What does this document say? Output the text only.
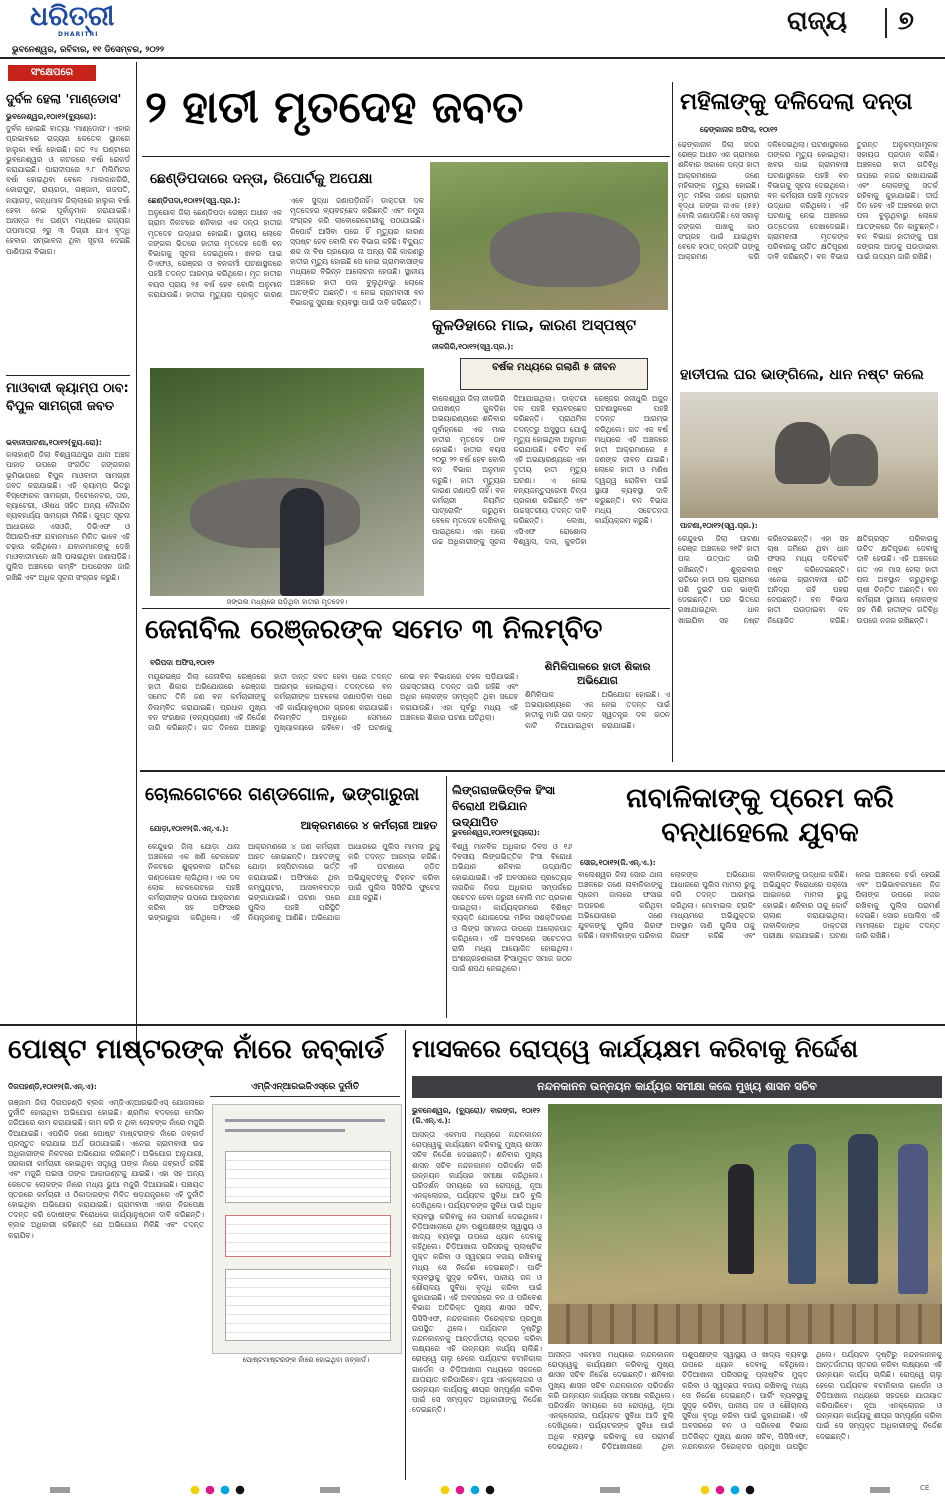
ଧରିତ୍ରୀ
DHARITRI	ରାଜ୍ୟ ୭
ଭୁବନେଶ୍ୱର, ରବିବାର, ୧୧ ଡିସେମ୍ବର, ୨୦୨୨
ସଂକ୍ଷେପରେ
ଦୁର୍ବଳ ହେଲା 'ମାଣ୍ଡୋସ'
ଭୁବନେଶ୍ୱର,୧୦ା୧୨(ବ୍ୟୁରୋ):
ଦୁର୍ବଳ ହୋଇଛି ବାତ୍ୟା 'ମାଣ୍ଡୋସ'। ଏହାର ପ୍ରଭାବରେ ରାଜ୍ୟର କେତେକ ସ୍ଥାନରେ ହାଲୁକା ବର୍ଷା ହୋଇଛି। ଗତ ୨୪ ଘଣ୍ଟାରେ ଭୁବନେଶ୍ୱର ଓ କଟକରେ ବର୍ଷା ରେକର୍ଡ କରାଯାଇଛି। ପାରାଦୀପରେ ୨.୮ ମିଲିମିଟର ବର୍ଷା ହୋଇଥିବା ବେଳେ ମାଲକାନଗିରି, କୋରାପୁଟ, ରାୟଗଡ଼ା, ଗଞ୍ଜାମ, ଗଜପତି, ନୟାଗଡ଼, କନ୍ଧମାଳ ଜିଲ୍ଲାରେ ହାଲୁକା ବର୍ଷା ହେବା ନେଇ ପୂର୍ବାନୁମାନ କରାଯାଇଛି। ଆସନ୍ତା ୨୪ ଘଣ୍ଟା ମଧ୍ୟରେ ରାଜ୍ୟର ତାପମାତ୍ରା ୨ରୁ ୩ ଡିଗ୍ରୀ ଯାଏ ବୃଦ୍ଧି ହେବାର ସମ୍ଭାବନା ଥିବା ସୂଚନା ଦେଇଛି ପାଣିପାଗ ବିଭାଗ।
ମାଓବାଦୀ କ୍ୟାମ୍ପ ଠାବ: ବିପୁଳ ସାମଗ୍ରୀ ଜବତ
ଭବାନୀପାଟଣା,୧୦ା୧୨(ବ୍ୟୁ.ରୋ):
କଳାହାଣ୍ଡି ଜିଲା ବିଶ୍ୱନାଥପୁର ଥାନା ଅଞ୍ଚଳ ପାହାଡ଼ ଉପରେ ସଂଗଠିତ ଜଙ୍ଗଲର ଭୂମିଭାଗରେ ବିପୁଳ ମାଓବାଦୀ ସାମଗ୍ରୀ ଜବତ କରାଯାଇଛି। ଏହି କ୍ୟାମ୍ପ ଭିତରୁ ବିସ୍ଫୋରକ ସାମଗ୍ରୀ, ଡିଟୋନେଟର, ତାର, ବ୍ୟାଟେରୀ, ଔଷଧ ସହିତ ଅନ୍ୟ ଦୈନନ୍ଦିନ ବ୍ୟବହାର୍ଯ୍ୟ ସାମଗ୍ରୀ ମିଳିଛି। ଗୁପ୍ତ ସୂଚନା ଆଧାରରେ ଏସଓଜି, ଡିଭିଏଫ ଓ ସିଆରପିଏଫ ଯବାନମାନେ ମିଳିତ ଭାବେ ଏହି ଚଢ଼ାଉ କରିଥିଲେ। ଯବାନମାନଙ୍କୁ ଦେଖି ମାଓବାଦୀମାନେ ଖସି ପଳାଇଥିବା ଜଣାପଡ଼ିଛି। ପୁଲିସ ଅଞ୍ଚଳରେ କମ୍ବିଂ ଅପରେସନ ଜାରି ରଖିଛି ଏବଂ ଅଧିକ ସୂଚନା ସଂଗ୍ରହ କରୁଛି।
୨ ହାତୀ ମୃତଦେହ ଜବତ
ଛେଣ୍ଡିପଦାରେ ଦନ୍ତା, ରିପୋର୍ଟକୁ ଅପେକ୍ଷା
ଛେଣ୍ଡିପଦା,୧୦ା୧୨(ସ୍ୱ.ପ୍ର.):
ଅନୁଗୋଳ ଜିଲା ଛେଣ୍ଡିପଦା ରେଞ୍ଜ ଅଧୀନ ଏକ ଗ୍ରାମ ନିକଟରେ ଶନିବାର ଏକ ଦନ୍ତା ହାତୀର ମୃତଦେହ ଉଦ୍ଧାର ହୋଇଛି। ସ୍ଥାନୀୟ ଲୋକେ ଜଙ୍ଗଲ ଭିତରେ ହାତୀର ମୃତଦେହ ଦେଖି ବନ ବିଭାଗକୁ ସୂଚନା ଦେଇଥିଲେ। ଖବର ପାଇ ଡିଏଫଓ, ରେଞ୍ଜର ଓ ବନକର୍ମୀ ଘଟଣାସ୍ଥଳରେ ପହଞ୍ଚି ତଦନ୍ତ ଆରମ୍ଭ କରିଥିଲେ। ମୃତ ହାତୀର ବୟସ ପ୍ରାୟ ୨୫ ବର୍ଷ ହେବ ବୋଲି ଅନୁମାନ କରାଯାଉଛି। ହାତୀର ମୃତ୍ୟୁର ପ୍ରକୃତ କାରଣ ଏବେ ସୁଦ୍ଧା ଜଣାପଡ଼ିନାହିଁ। ଡାକ୍ତରୀ ଦଳ ମୃତଦେହର ବ୍ୟବଚ୍ଛେଦ କରିଛନ୍ତି ଏବଂ ନମୁନା ସଂଗ୍ରହ କରି ଲାବୋରେଟୋରୀକୁ ପଠାଯାଇଛି। ରିପୋର୍ଟ ଆସିବା ପରେ ହିଁ ମୃତ୍ୟୁର କାରଣ ସ୍ପଷ୍ଟ ହେବ ବୋଲି ବନ ବିଭାଗ କହିଛି। ବିଦ୍ୟୁତ ଶକ ନା ବିଷ ପ୍ରୟୋଗ ନା ଅନ୍ୟ କିଛି କାରଣରୁ ହାତୀର ମୃତ୍ୟୁ ହୋଇଛି ସେ ନେଇ ଗ୍ରାମବାସୀଙ୍କ ମଧ୍ୟରେ ବିଭିନ୍ନ ଆଲୋଚନା ହେଉଛି। ସ୍ଥାନୀୟ ଅଞ୍ଚଳରେ ହାତୀ ପଲ ବୁଲୁଥିବାରୁ ଲୋକେ ଆତଙ୍କିତ ଅଛନ୍ତି। ଏ ନେଇ ଗ୍ରାମବାସୀ ବନ ବିଭାଗକୁ ସୁରକ୍ଷା ବ୍ୟବସ୍ଥା ପାଇଁ ଦାବି କରିଛନ୍ତି।
ଜଙ୍ଗଲ ମଧ୍ୟରେ ପଡ଼ିଥିବା ହାତୀର ମୃତଦେହ।
କୁଳଡିହାରେ ମାଇ, କାରଣ ଅସ୍ପଷ୍ଟ
ନୀଳଗିରି,୧୦ା୧୨(ସ୍ୱ.ପ୍ର.):
ବର୍ଷକ ମଧ୍ୟରେ ଗଲାଣି ୫ ଜୀବନ
ବାଲେଶ୍ୱର ଜିଲା ନୀଳଗିରି ଉପଖଣ୍ଡ କୁଳଡିହା ଅଭୟାରଣ୍ୟରେ ଶନିବାର ପୂର୍ବାହ୍ନରେ ଏକ ମାଇ ହାତୀର ମୃତଦେହ ଠାବ ହୋଇଛି। ହାତୀର ବୟସ ୨୦ରୁ ୨୨ ବର୍ଷ ହେବ ବୋଲି ବନ ବିଭାଗ ଅନୁମାନ କରୁଛି। ହାତୀ ମୃତ୍ୟୁର କାରଣ ଜଣାପଡ଼ି ନାହିଁ। ବନ କର୍ମଚାରୀ ନିୟମିତ ପାଟ୍ରୋଲିଂ କରୁଥିବା ବେଳେ ମୃତଦେହ ଦେଖିବାକୁ ପାଇଥିଲେ। ଏହା ପରେ ଉଚ୍ଚ ଅଧିକାରୀଙ୍କୁ ସୂଚନା ଦିଆଯାଇଥିଲା। ଡାକ୍ତରୀ ଦଳ ପହଞ୍ଚି ବ୍ୟବଚ୍ଛେଦ କରିଛନ୍ତି। ପ୍ରାଥମିକ ତଦନ୍ତରୁ ଅସୁସ୍ଥତା ଯୋଗୁଁ ମୃତ୍ୟୁ ହୋଇଥିବା ଅନୁମାନ କରାଯାଉଛି। ଚଳିତ ବର୍ଷ ଏହି ଅଭୟାରଣ୍ୟରେ ଏହା ତୃତୀୟ ହାତୀ ମୃତ୍ୟୁ ଘଟଣା। ଏ ନେଇ ବନ୍ୟଜନ୍ତୁପ୍ରେମୀ ଚିନ୍ତା ପ୍ରକାଶ କରିଛନ୍ତି ଏବଂ ଉଚ୍ଚସ୍ତରୀୟ ତଦନ୍ତ ଦାବି କରିଛନ୍ତି।	ଲେଖା, ଏସିଏଫ ରୋଶୋଲ ବିଶ୍ୱାସ, ଦାସ, କୁଳଡିହା ରେଞ୍ଜର ଜନୀଧୁଲି ଅଜୁନ ଘଟଣାସ୍ଥଳରେ ପହଞ୍ଚି ତଦନ୍ତ ଆରମ୍ଭ କରିଥିଲେ। ଗତ ଏକ ବର୍ଷ ମଧ୍ୟରେ ଏହି ଅଞ୍ଚଳରେ ହାତୀ ଆକ୍ରମଣରେ ୫ ଜଣଙ୍କ ଜୀବନ ଯାଇଛି। ଲୋକେ ହାତୀ ଓ ମଣିଷ ଦ୍ୱନ୍ଦ୍ୱ ରୋକିବା ପାଇଁ ସ୍ଥାୟୀ ବ୍ୟବସ୍ଥା ଦାବି କରୁଛନ୍ତି। ବନ ବିଭାଗ ମଧ୍ୟ ସଚେତନତା କାର୍ଯ୍ୟକ୍ରମ କରୁଛି।
ମହିଳାଙ୍କୁ ଦଳିଦେଲା ଦନ୍ତା
ଢେଙ୍କାନାଳ ଅଫିସ, ୧୦ା୧୨
ଢେଙ୍କାନାଳ ଜିଲା ସଦର ରେଞ୍ଜ ଅଧୀନ ଏକ ଗ୍ରାମରେ ଶନିବାର ସକାଳେ ଦନ୍ତା ହାତୀ ଆକ୍ରମଣରେ ଜଣେ ମହିଳାଙ୍କ ମୃତ୍ୟୁ ହୋଇଛି। ମୃତ ମହିଳା ଜଣକ ଗ୍ରାମର ବୃଦ୍ଧା ଗଙ୍ଗା ନାଏକ (୫୫) ବୋଲି ଜଣାପଡ଼ିଛି। ସେ ସକାଳୁ ଜଙ୍ଗଲ ପାଖକୁ କାଠ ସଂଗ୍ରହ ପାଇଁ ଯାଇଥିବା ବେଳେ ହଠାତ୍ ଦନ୍ତାଟି ତାଙ୍କୁ ଆକ୍ରମଣ କରି ଦଳିଦେଇଥିଲା। ଘଟଣାସ୍ଥଳରେ ତାଙ୍କର ମୃତ୍ୟୁ ହୋଇଥିଲା। ଖବର ପାଇ ଗ୍ରାମବାସୀ ଘଟଣାସ୍ଥଳରେ ପହଞ୍ଚି ବନ ବିଭାଗକୁ ସୂଚନା ଦେଇଥିଲେ। ବନ କର୍ମଚାରୀ ପହଞ୍ଚି ମୃତଦେହ ଉଦ୍ଧାର କରିଥିଲେ। ଏହି ଘଟଣାକୁ ନେଇ ଅଞ୍ଚଳରେ ଉତ୍ତେଜନା ଦେଖାଦେଇଛି। ଗ୍ରାମବାସୀ ମୃତକଙ୍କ ପରିବାରକୁ ଉଚିତ କ୍ଷତିପୂରଣ ଦାବି କରିଛନ୍ତି। ବନ ବିଭାଗ ତୁରନ୍ତ ଅନୁକମ୍ପାମୂଳକ ସହାୟତା ପ୍ରଦାନ କରିଛି। ଅଞ୍ଚଳରେ ହାତୀ ଗତିବିଧି ଉପରେ ନଜର ରଖାଯାଇଛି ଏବଂ ଲୋକଙ୍କୁ ସତର୍କ ରହିବାକୁ କୁହାଯାଇଛି। ଦୀର୍ଘ ଦିନ ହେବ ଏହି ଅଞ୍ଚଳରେ ହାତୀ ପଲ ବୁଲୁଥିବାରୁ ଲୋକେ ଆତଙ୍କରେ ଦିନ କାଟୁଛନ୍ତି। ବନ ବିଭାଗ ହାତୀଙ୍କୁ ଘଞ୍ଚ ଜଙ୍ଗଲ ଆଡ଼କୁ ଘଉଡ଼ାଇବା ପାଇଁ ଉଦ୍ୟମ ଜାରି ରଖିଛି।
ହାତୀପଲ ଘର ଭାଙ୍ଗିଲେ, ଧାନ ନଷ୍ଟ କଲେ
ପାଟଣା,୧୦ା୧୨(ସ୍ୱ.ପ୍ର.):
କେନ୍ଦୁଝର ଜିଲା ପାଟଣା ରେଞ୍ଜ ଅଞ୍ଚଳରେ ୨୧ଟି ହାତୀ ପଲ ଉତ୍ପାତ ଜାରି ରଖିଛନ୍ତି। ଶୁକ୍ରବାର ରାତିରେ ହାତୀ ପଲ ଗ୍ରାମରେ ପଶି ଦୁଇଟି ଘର ଭାଙ୍ଗି ଦେଇଛନ୍ତି। ଘର ଭିତରେ ରଖାଯାଇଥିବା ଧାନ ଖାଇଯିବା ସହ ନଷ୍ଟ କରିଦେଇଛନ୍ତି। ଏହା ସହ ଚାଷ ଜମିରେ ଥିବା ଧାନ ଫସଲ ମଧ୍ୟ ଦଳିଚକଟି ନଷ୍ଟ କରିଦେଇଛନ୍ତି। ଏନେଇ ଗ୍ରାମବାସୀ ରାତି ଅନିଦ୍ରା ରହି ପହରା ଦେଉଛନ୍ତି। ବନ ବିଭାଗ ହାତୀ ଘଉଡ଼ାଇବା ଦଳ ନିୟୋଜିତ କରିଛି। କ୍ଷତିଗ୍ରସ୍ତ ପରିବାରକୁ ଉଚିତ କ୍ଷତିପୂରଣ ଦେବାକୁ ଦାବି ହେଉଛି। ଏହି ଅଞ୍ଚଳରେ ଗତ ଏକ ମାସ ହେଲା ହାତୀ ପଲ ଅବସ୍ଥାନ କରୁଥିବାରୁ ଚାଷୀ ଚିନ୍ତିତ ଅଛନ୍ତି। ବନ କର୍ମଚାରୀ ସ୍ଥାନୀୟ ଲୋକଙ୍କ ସହ ମିଶି ହାତୀଙ୍କ ଗତିବିଧି ଉପରେ ନଜର ରଖିଛନ୍ତି।
ଜେନାବିଲ ରେଞ୍ଜରଙ୍କ ସମେତ ୩ ନିଲମ୍ବିତ
ବରିପଦା ଅଫିସ,୧୦ା୧୨
ମୟୂରଭଞ୍ଜ ଜିଲା ଜେନାବିଲ ରେଞ୍ଜରେ ହାତୀ ଶିକାର ଅଭିଯୋଗରେ ରେଞ୍ଜର ସମେତ ତିନି ଜଣ ବନ କର୍ମଚାରୀଙ୍କୁ ନିଲମ୍ବିତ କରାଯାଇଛି। ପ୍ରଧାନ ମୁଖ୍ୟ ବନ ସଂରକ୍ଷକ (ବନ୍ୟପ୍ରାଣୀ) ଏହି ନିର୍ଦ୍ଦେଶ ଜାରି କରିଛନ୍ତି। ଗତ ଦିନରେ ଅଞ୍ଚଳରୁ ହାତୀ ଦାନ୍ତ ଜବତ ହେବା ପରେ ତଦନ୍ତ ଆରମ୍ଭ ହୋଇଥିଲା। ତଦନ୍ତରେ ବନ କର୍ମଚାରୀଙ୍କ ଅବହେଳା ଜଣାପଡ଼ିବା ପରେ ଏହି କାର୍ଯ୍ୟାନୁଷ୍ଠାନ ଗ୍ରହଣ କରାଯାଇଛି। ନିଲମ୍ବିତ ଅବଧିରେ ସେମାନେ ମୁଖ୍ୟାଳୟରେ ରହିବେ। ଏହି ଘଟଣାକୁ ନେଇ ବନ ବିଭାଗରେ ଚହଳ ପଡ଼ିଯାଇଛି। ଉଚ୍ଚସ୍ତରୀୟ ତଦନ୍ତ ଜାରି ରହିଛି ଏବଂ ଅଧିକ ଲୋକଙ୍କ ସମ୍ପୃକ୍ତି ଥିବା ସନ୍ଦେହ କରାଯାଉଛି। ଏହା ପୂର୍ବରୁ ମଧ୍ୟ ଏହି ଅଞ୍ଚଳରେ ଶିକାର ଘଟଣା ଘଟିଥିଲା।
ଶିମିଳିପାଳରେ ହାତୀ ଶିକାର ଅଭିଯୋଗ
ଶିମିଳିପାଳ ଅଭୟାରଣ୍ୟରେ ଏକ ହାତୀକୁ ମାରି ତାର ଦାନ୍ତ କାଟି ନିଆଯାଇଥିବା ଅଭିଯୋଗ ହୋଇଛି। ଏ ନେଇ ତଦନ୍ତ ପାଇଁ ସ୍ୱତନ୍ତ୍ର ଦଳ ଗଠନ କରାଯାଇଛି।
ଚୋଲଗେଟରେ ଗଣ୍ଡଗୋଳ, ଭଙ୍ଗାରୁଜା
ଯୋଡ଼ା,୧୦ା୧୨(ଜି.ଏନ୍.ଏ.):	ଆକ୍ରମଣରେ ୪ କର୍ମଚାରୀ ଆହତ
କେନ୍ଦୁଝର ଜିଲା ଯୋଡ଼ା ଥାନା ଅଞ୍ଚଳରେ ଏକ ଖଣି ଚେକଗେଟ ନିକଟରେ ଶୁକ୍ରବାର ରାତିରେ ଗଣ୍ଡଗୋଳ ଲାଗିଥିଲା। ଏକ ଦଳ ଲୋକ ଚେକଗେଟରେ ପହଞ୍ଚି କର୍ମଚାରୀଙ୍କ ଉପରେ ଆକ୍ରମଣ କରିବା ସହ ଅଫିସରେ ଭଙ୍ଗାରୁଜା କରିଥିଲେ। ଏହି ଆକ୍ରମଣରେ ୪ ଜଣ କର୍ମଚାରୀ ଆହତ ହୋଇଛନ୍ତି। ଆହତଙ୍କୁ ଯୋଡ଼ା ହସ୍ପିଟାଲରେ ଭର୍ତ୍ତି କରାଯାଇଛି। ଅଫିସରେ ଥିବା କମ୍ପ୍ୟୁଟର, ଆସବାବପତ୍ର ଭଙ୍ଗାଯାଇଛି। ଘଟଣା ପରେ ପୁଲିସ ପହଞ୍ଚି ପରିସ୍ଥିତି ନିୟନ୍ତ୍ରଣକୁ ଆଣିଛି। ଅଭିଯୋଗ ଆଧାରରେ ପୁଲିସ ମାମଲା ରୁଜୁ କରି ତଦନ୍ତ ଆରମ୍ଭ କରିଛି। ଏହି ଘଟଣାରେ ଜଡ଼ିତ ଅଭିଯୁକ୍ତଙ୍କୁ ଚିହ୍ନଟ କରିବା ପାଇଁ ପୁଲିସ ସିସିଟିଭି ଫୁଟେଜ ଯାଞ୍ଚ କରୁଛି।
ଲିଙ୍ଗରାଜଭିତ୍ତିକ ହିଂସା ବିରୋଧୀ ଅଭିଯାନ ଉଦ୍ଯାପିତ
ଭୁବନେଶ୍ୱର,୧୦ା୧୨(ବ୍ୟୁରୋ):
ବିଶ୍ୱ ମାନବିକ ଅଧିକାର ଦିବସ ଓ ୧୬ ଦିବସୀୟ ଲିଙ୍ଗଭିତ୍ତିକ ହିଂସା ବିରୋଧୀ ଅଭିଯାନ ଶନିବାର ଉଦ୍ଯାପିତ ହୋଇଯାଇଛି। ଏହି ଅବସରରେ ପ୍ରତ୍ୟେକ ନାଗରିକ ନିଜର ଅଧିକାର ସମ୍ପର୍କରେ ସଚେତନ ହେବା ଜରୁରୀ ବୋଲି ମତ ପ୍ରକାଶ ପାଇଥିଲା। କାର୍ଯ୍ୟକ୍ରମରେ ବିଶିଷ୍ଟ ବ୍ୟକ୍ତି ଯୋଗଦେଇ ମହିଳା ସଶକ୍ତିକରଣ ଓ ଲିଙ୍ଗ ସମାନତା ଉପରେ ଆଲୋକପାତ କରିଥିଲେ। ଏହି ଅବସରରେ ସଚେତନତା ରାଲି ମଧ୍ୟ ଆୟୋଜିତ ହୋଇଥିଲା। ଅଂଶଗ୍ରହଣକାରୀ ହିଂସାମୁକ୍ତ ସମାଜ ଗଠନ ପାଇଁ ଶପଥ ନେଇଥିଲେ।
ନାବାଳିକାଙ୍କୁ ପ୍ରେମ କରି ବନ୍ଧାହେଲେ ଯୁବକ
ସୋର,୧୦ା୧୨(ଜି.ଏନ୍.ଏ.):
ବାଲେଶ୍ୱର ଜିଲା ସୋର ଥାନା ଅଞ୍ଚଳରେ ଜଣେ ନାବାଳିକାଙ୍କୁ ପ୍ରେମ ଜାଲରେ ଫସାଇ ଅପହରଣ କରିଥିବା ଅଭିଯୋଗରେ ଜଣେ ଯୁବକଙ୍କୁ ପୁଲିସ ଗିରଫ କରିଛି। ନାବାଳିକାଙ୍କ ପରିବାର ଲୋକଙ୍କ ଅଭିଯୋଗ ଆଧାରରେ ପୁଲିସ ମାମଲା ରୁଜୁ କରି ତଦନ୍ତ ଆରମ୍ଭ କରିଥିଲା। ମୋବାଇଲ ଟ୍ରାକିଂ ମାଧ୍ୟମରେ ଅଭିଯୁକ୍ତର ଅବସ୍ଥାନ ଜାଣି ପୁଲିସ ତାକୁ ଗିରଫ କରିଛି ଏବଂ ନାବାଳିକାଙ୍କୁ ଉଦ୍ଧାର କରିଛି। ଅଭିଯୁକ୍ତ ବିରୋଧରେ ପକ୍ସୋ ଆଇନରେ ମାମଲା ରୁଜୁ ହୋଇଛି। ଶନିବାର ତାକୁ କୋର୍ଟ ଚାଲାଣ କରାଯାଇଥିଲା। ନାବାଳିକାଙ୍କ ଡାକ୍ତରୀ ପରୀକ୍ଷା କରାଯାଇଛି। ଘଟଣା ନେଇ ଅଞ୍ଚଳରେ ଚର୍ଚ୍ଚା ହେଉଛି ଏବଂ ଅଭିଭାବକମାନେ ନିଜ ପିଲାଙ୍କ ଉପରେ ନଜର ରଖିବାକୁ ପୁଲିସ ପରାମର୍ଶ ଦେଇଛି। ସୋର ପୋଲିସ ଏହି ମାମଲାରେ ଅଧିକ ତଦନ୍ତ ଜାରି ରଖିଛି।
ପୋଷ୍ଟ ମାଷ୍ଟରଙ୍କ ନାଁରେ ଜବ୍‌କାର୍ଡ
ଦିଗପହଣ୍ଡି,୧୦ା୧୨(ଜି.ଏନ୍.ଏ):	ଏମ୍‌ଜିଏନ୍‌ଆରଇଜିଏସ୍‌ରେ ଦୁର୍ନୀତି
ଗଞ୍ଜାମ ଜିଲା ଦିଗପହଣ୍ଡି ବ୍ଲକ ଏମ୍‌ଜିଏନ୍‌ଆରଇଜିଏସ୍ ଯୋଜନାରେ ଦୁର୍ନୀତି ହୋଇଥିବା ଅଭିଯୋଗ ହୋଇଛି। ଶ୍ରମିକ ବଦଳରେ ମେସିନ ଜରିଆରେ କାମ କରାଯାଇଛି। କାମ କରି ନ ଥିବା ଲୋକଙ୍କ ନାଁରେ ମଜୁରି ଦିଆଯାଇଛି। ଏପରିକି ଜଣେ ପୋଷ୍ଟ ମାଷ୍ଟରଙ୍କ ନାଁରେ ଜବ୍‌କାର୍ଡ ପ୍ରସ୍ତୁତ କରାଯାଇ ଅର୍ଥ ଉଠାଯାଇଛି। ଏନେଇ ଗ୍ରାମବାସୀ ଉଚ୍ଚ ଅଧିକାରୀଙ୍କ ନିକଟରେ ଅଭିଯୋଗ କରିଛନ୍ତି। ଅଭିଯୋଗ ଅନୁଯାୟୀ, ସରକାରୀ କର୍ମଚାରୀ ହୋଇଥିବା ସତ୍ତ୍ୱେ ତାଙ୍କ ନାଁରେ ଜବ୍‌କାର୍ଡ ରହିଛି ଏବଂ ମଜୁରି ପଇସା ତାଙ୍କ ଆକାଉଣ୍ଟକୁ ଯାଇଛି। ଏହା ସହ ଅନ୍ୟ କେତେକ ଲୋକଙ୍କ ନାଁରେ ମଧ୍ୟ ଭୁଆ ମଜୁରି ଦିଆଯାଇଛି। ପଞ୍ଚାୟତ ସ୍ତରରେ କର୍ମଚାରୀ ଓ ଠିକାଦାରଙ୍କ ମିଳିତ ଷଡ଼ଯନ୍ତ୍ରରେ ଏହି ଦୁର୍ନୀତି ହୋଇଥିବା ଅଭିଯୋଗ କରାଯାଇଛି। ଗ୍ରାମବାସୀ ଏହାର ନିରପେକ୍ଷ ତଦନ୍ତ କରି ଦୋଷୀଙ୍କ ବିରୋଧରେ କାର୍ଯ୍ୟାନୁଷ୍ଠାନ ଦାବି କରିଛନ୍ତି। ବ୍ଲକ ଅଧିକାରୀ କହିଛନ୍ତି ଯେ ଅଭିଯୋଗ ମିଳିଛି ଏବଂ ତଦନ୍ତ କରାଯିବ।
ପୋଷ୍ଟମାଷ୍ଟରଙ୍କ ନାଁରେ ହୋଇଥିବା ଜବ୍‌କାର୍ଡ।
ମାସକରେ ରୋପ୍‌ୱେ କାର୍ଯ୍ୟକ୍ଷମ କରିବାକୁ ନିର୍ଦ୍ଦେଶ
ନନ୍ଦନକାନନ ଉନ୍ନୟନ କାର୍ଯ୍ୟର ସମୀକ୍ଷା କଲେ ମୁଖ୍ୟ ଶାସନ ସଚିବ
ଭୁବନେଶ୍ୱର, (ବ୍ୟୁରୋ)/ ବାରଙ୍ଗ, ୧୦ା୧୨ (ଜି.ଏନ୍.ଏ.):
ଆସନ୍ତା ଏକମାସ ମଧ୍ୟରେ ନନ୍ଦନକାନନ ରୋପ୍‌ୱେକୁ କାର୍ଯ୍ୟକ୍ଷମ କରିବାକୁ ମୁଖ୍ୟ ଶାସନ ସଚିବ ନିର୍ଦ୍ଦେଶ ଦେଇଛନ୍ତି। ଶନିବାର ମୁଖ୍ୟ ଶାସନ ସଚିବ ନନ୍ଦନକାନନ ପରିଦର୍ଶନ କରି ଉନ୍ନୟନ କାର୍ଯ୍ୟର ସମୀକ୍ଷା କରିଥିଲେ। ପରିଦର୍ଶନ ସମୟରେ ସେ ରୋପ୍‌ୱେ, ନୂଆ ଏନକ୍ଲୋଜର, ପର୍ଯ୍ୟଟକ ସୁବିଧା ଆଦି ବୁଲି ଦେଖିଥିଲେ। ପର୍ଯ୍ୟଟକଙ୍କ ସୁବିଧା ପାଇଁ ଅଧିକ ବ୍ୟବସ୍ଥା କରିବାକୁ ସେ ପରାମର୍ଶ ଦେଇଥିଲେ। ଚିଡ଼ିଆଖାନାରେ ଥିବା ପଶୁପକ୍ଷୀଙ୍କ ସ୍ୱାସ୍ଥ୍ୟ ଓ ଖାଦ୍ୟ ବ୍ୟବସ୍ଥା ଉପରେ ଧ୍ୟାନ ଦେବାକୁ କହିଥିଲେ। ଚିଡ଼ିଆଖାନା ପରିସରକୁ ପ୍ଲାଷ୍ଟିକ ମୁକ୍ତ କରିବା ଓ ସ୍ୱଚ୍ଛତା ବଜାୟ ରଖିବାକୁ ମଧ୍ୟ ସେ ନିର୍ଦ୍ଦେଶ ଦେଇଛନ୍ତି। ପାର୍କିଂ ବ୍ୟବସ୍ଥାକୁ ସୁଦୃଢ଼ କରିବା, ପାନୀୟ ଜଳ ଓ ଶୌଚାଳୟ ସୁବିଧା ବୃଦ୍ଧି କରିବା ପାଇଁ କୁହାଯାଇଛି। ଏହି ଅବସରରେ ବନ ଓ ପରିବେଶ ବିଭାଗ ଅତିରିକ୍ତ ମୁଖ୍ୟ ଶାସନ ସଚିବ, ପିସିସିଏଫ, ନନ୍ଦନକାନନ ଡିରେକ୍ଟର ପ୍ରମୁଖ ଉପସ୍ଥିତ ଥିଲେ। ପର୍ଯ୍ୟଟନ ଦୃଷ୍ଟିରୁ ନନ୍ଦନକାନନକୁ ଆନ୍ତର୍ଜାତୀୟ ସ୍ତରର କରିବା ଲକ୍ଷ୍ୟରେ ଏହି ଉନ୍ନୟନ କାର୍ଯ୍ୟ ଚାଲିଛି। ରୋପ୍‌ୱେ ଚାଲୁ ହେଲେ ପର୍ଯ୍ୟଟକ ବଟାନିକାଲ ଗାର୍ଡେନ ଓ ଚିଡ଼ିଆଖାନା ମଧ୍ୟରେ ସହଜରେ ଯାତାୟାତ କରିପାରିବେ। ନୂଆ ଏନକ୍ଲୋଜର ଓ ଉନ୍ନୟନ କାର୍ଯ୍ୟକୁ ଶୀଘ୍ର ସମ୍ପୂର୍ଣ୍ଣ କରିବା ପାଇଁ ସେ ସମ୍ପୃକ୍ତ ଅଧିକାରୀଙ୍କୁ ନିର୍ଦ୍ଦେଶ ଦେଇଛନ୍ତି।
ଆସନ୍ତା ଏକମାସ ମଧ୍ୟରେ ନନ୍ଦନକାନନ ରୋପ୍‌ୱେକୁ କାର୍ଯ୍ୟକ୍ଷମ କରିବାକୁ ମୁଖ୍ୟ ଶାସନ ସଚିବ ନିର୍ଦ୍ଦେଶ ଦେଇଛନ୍ତି। ଶନିବାର ମୁଖ୍ୟ ଶାସନ ସଚିବ ନନ୍ଦନକାନନ ପରିଦର୍ଶନ କରି ଉନ୍ନୟନ କାର୍ଯ୍ୟର ସମୀକ୍ଷା କରିଥିଲେ। ପରିଦର୍ଶନ ସମୟରେ ସେ ରୋପ୍‌ୱେ, ନୂଆ ଏନକ୍ଲୋଜର, ପର୍ଯ୍ୟଟକ ସୁବିଧା ଆଦି ବୁଲି ଦେଖିଥିଲେ। ପର୍ଯ୍ୟଟକଙ୍କ ସୁବିଧା ପାଇଁ ଅଧିକ ବ୍ୟବସ୍ଥା କରିବାକୁ ସେ ପରାମର୍ଶ ଦେଇଥିଲେ। ଚିଡ଼ିଆଖାନାରେ ଥିବା ପଶୁପକ୍ଷୀଙ୍କ ସ୍ୱାସ୍ଥ୍ୟ ଓ ଖାଦ୍ୟ ବ୍ୟବସ୍ଥା ଉପରେ ଧ୍ୟାନ ଦେବାକୁ କହିଥିଲେ। ଚିଡ଼ିଆଖାନା ପରିସରକୁ ପ୍ଲାଷ୍ଟିକ ମୁକ୍ତ କରିବା ଓ ସ୍ୱଚ୍ଛତା ବଜାୟ ରଖିବାକୁ ମଧ୍ୟ ସେ ନିର୍ଦ୍ଦେଶ ଦେଇଛନ୍ତି। ପାର୍କିଂ ବ୍ୟବସ୍ଥାକୁ ସୁଦୃଢ଼ କରିବା, ପାନୀୟ ଜଳ ଓ ଶୌଚାଳୟ ସୁବିଧା ବୃଦ୍ଧି କରିବା ପାଇଁ କୁହାଯାଇଛି। ଏହି ଅବସରରେ ବନ ଓ ପରିବେଶ ବିଭାଗ ଅତିରିକ୍ତ ମୁଖ୍ୟ ଶାସନ ସଚିବ, ପିସିସିଏଫ, ନନ୍ଦନକାନନ ଡିରେକ୍ଟର ପ୍ରମୁଖ ଉପସ୍ଥିତ ଥିଲେ। ପର୍ଯ୍ୟଟନ ଦୃଷ୍ଟିରୁ ନନ୍ଦନକାନନକୁ ଆନ୍ତର୍ଜାତୀୟ ସ୍ତରର କରିବା ଲକ୍ଷ୍ୟରେ ଏହି ଉନ୍ନୟନ କାର୍ଯ୍ୟ ଚାଲିଛି। ରୋପ୍‌ୱେ ଚାଲୁ ହେଲେ ପର୍ଯ୍ୟଟକ ବଟାନିକାଲ ଗାର୍ଡେନ ଓ ଚିଡ଼ିଆଖାନା ମଧ୍ୟରେ ସହଜରେ ଯାତାୟାତ କରିପାରିବେ। ନୂଆ ଏନକ୍ଲୋଜର ଓ ଉନ୍ନୟନ କାର୍ଯ୍ୟକୁ ଶୀଘ୍ର ସମ୍ପୂର୍ଣ୍ଣ କରିବା ପାଇଁ ସେ ସମ୍ପୃକ୍ତ ଅଧିକାରୀଙ୍କୁ ନିର୍ଦ୍ଦେଶ ଦେଇଛନ୍ତି।
CE
